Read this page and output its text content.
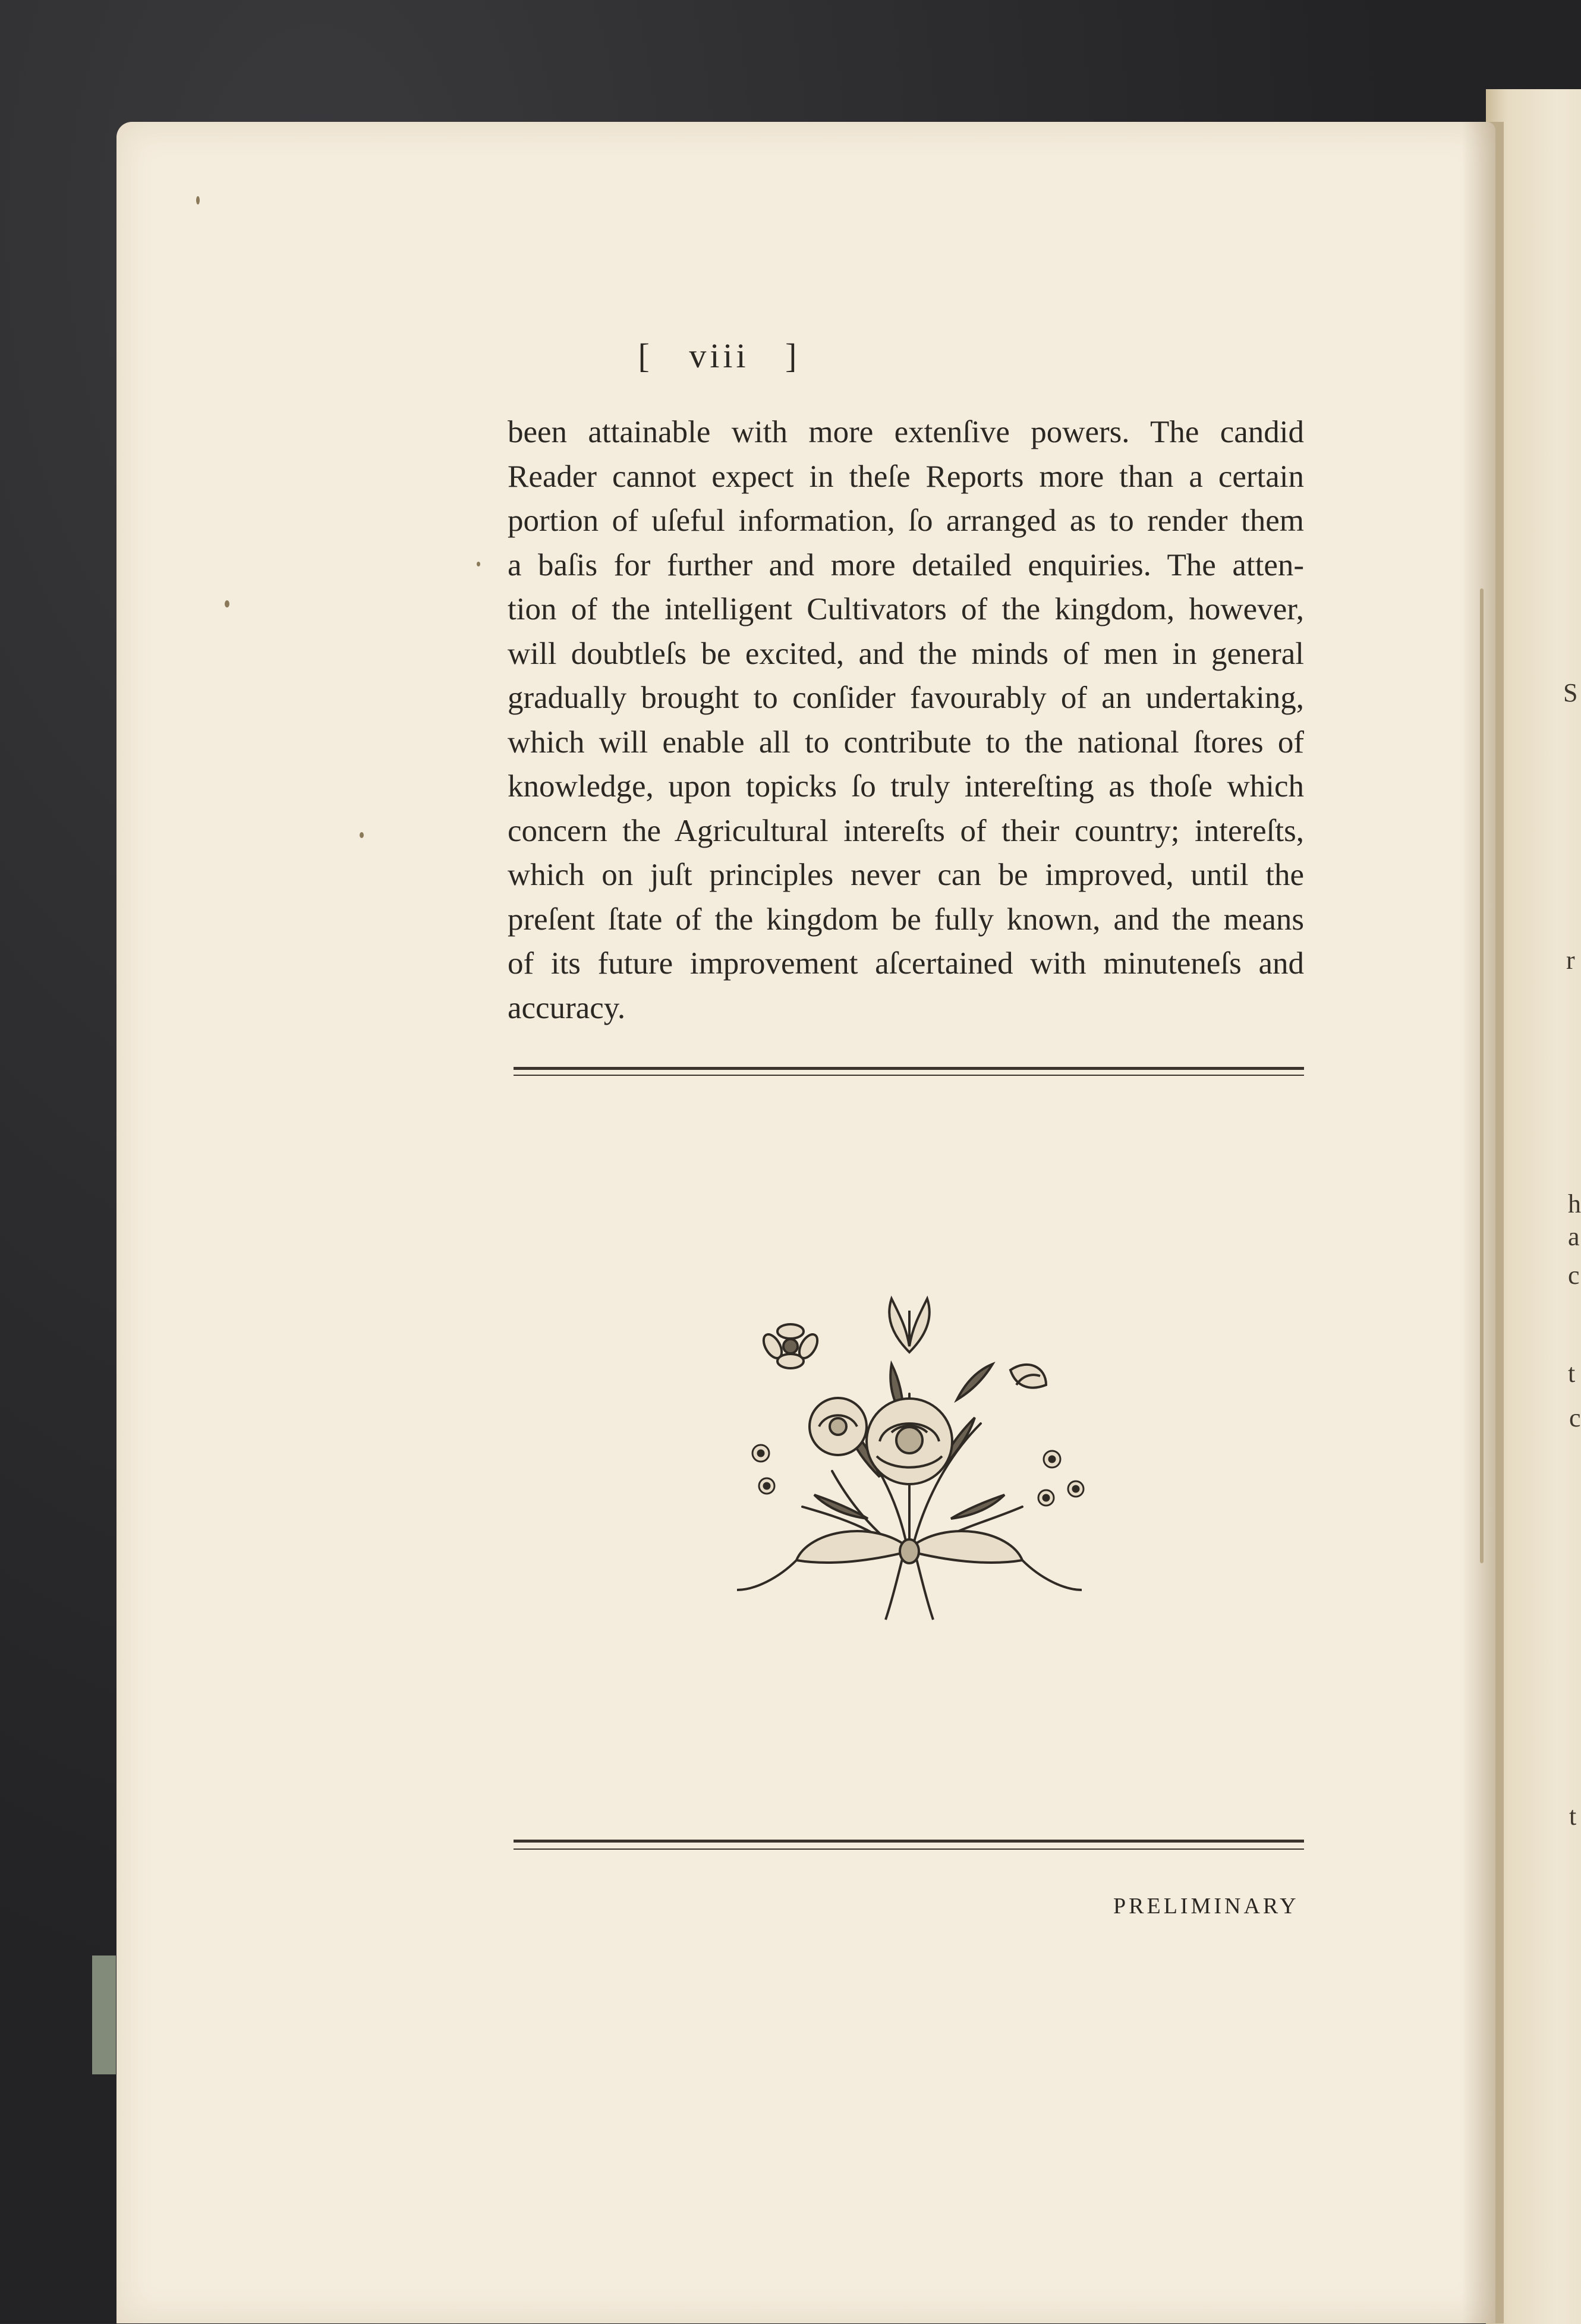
S
r
h
a
c
t
c
t
[ viii ]
been attainable with more extenſive powers. The candid
Reader cannot expect in theſe Reports more than a certain
portion of uſeful information, ſo arranged as to render them
a baſis for further and more detailed enquiries. The atten-
tion of the intelligent Cultivators of the kingdom, however,
will doubtleſs be excited, and the minds of men in general
gradually brought to conſider favourably of an undertaking,
which will enable all to contribute to the national ſtores of
knowledge, upon topicks ſo truly intereſting as thoſe which
concern the Agricultural intereſts of their country; intereſts,
which on juſt principles never can be improved, until the
preſent ſtate of the kingdom be fully known, and the means
of its future improvement aſcertained with minuteneſs and
accuracy.
PRELIMINARY
